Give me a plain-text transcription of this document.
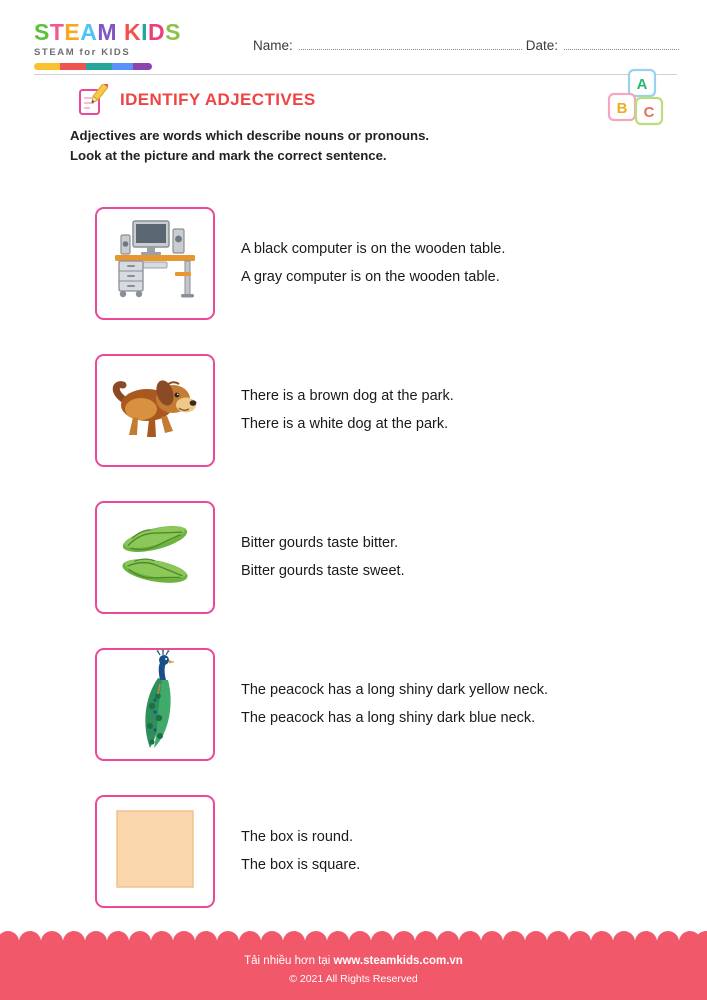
STEAM KIDS
STEAM for KIDS	Name:	Date:
A
B C
IDENTIFY ADJECTIVES
Adjectives are words which describe nouns or pronouns.
Look at the picture and mark the correct sentence.
A black computer is on the wooden table.
A gray computer is on the wooden table.
There is a brown dog at the park.
There is a white dog at the park.
Bitter gourds taste bitter.
Bitter gourds taste sweet.
The peacock has a long shiny dark yellow neck.
The peacock has a long shiny dark blue neck.
The box is round.
The box is square.
Tải nhiều hơn tại www.steamkids.com.vn
© 2021 All Rights Reserved
